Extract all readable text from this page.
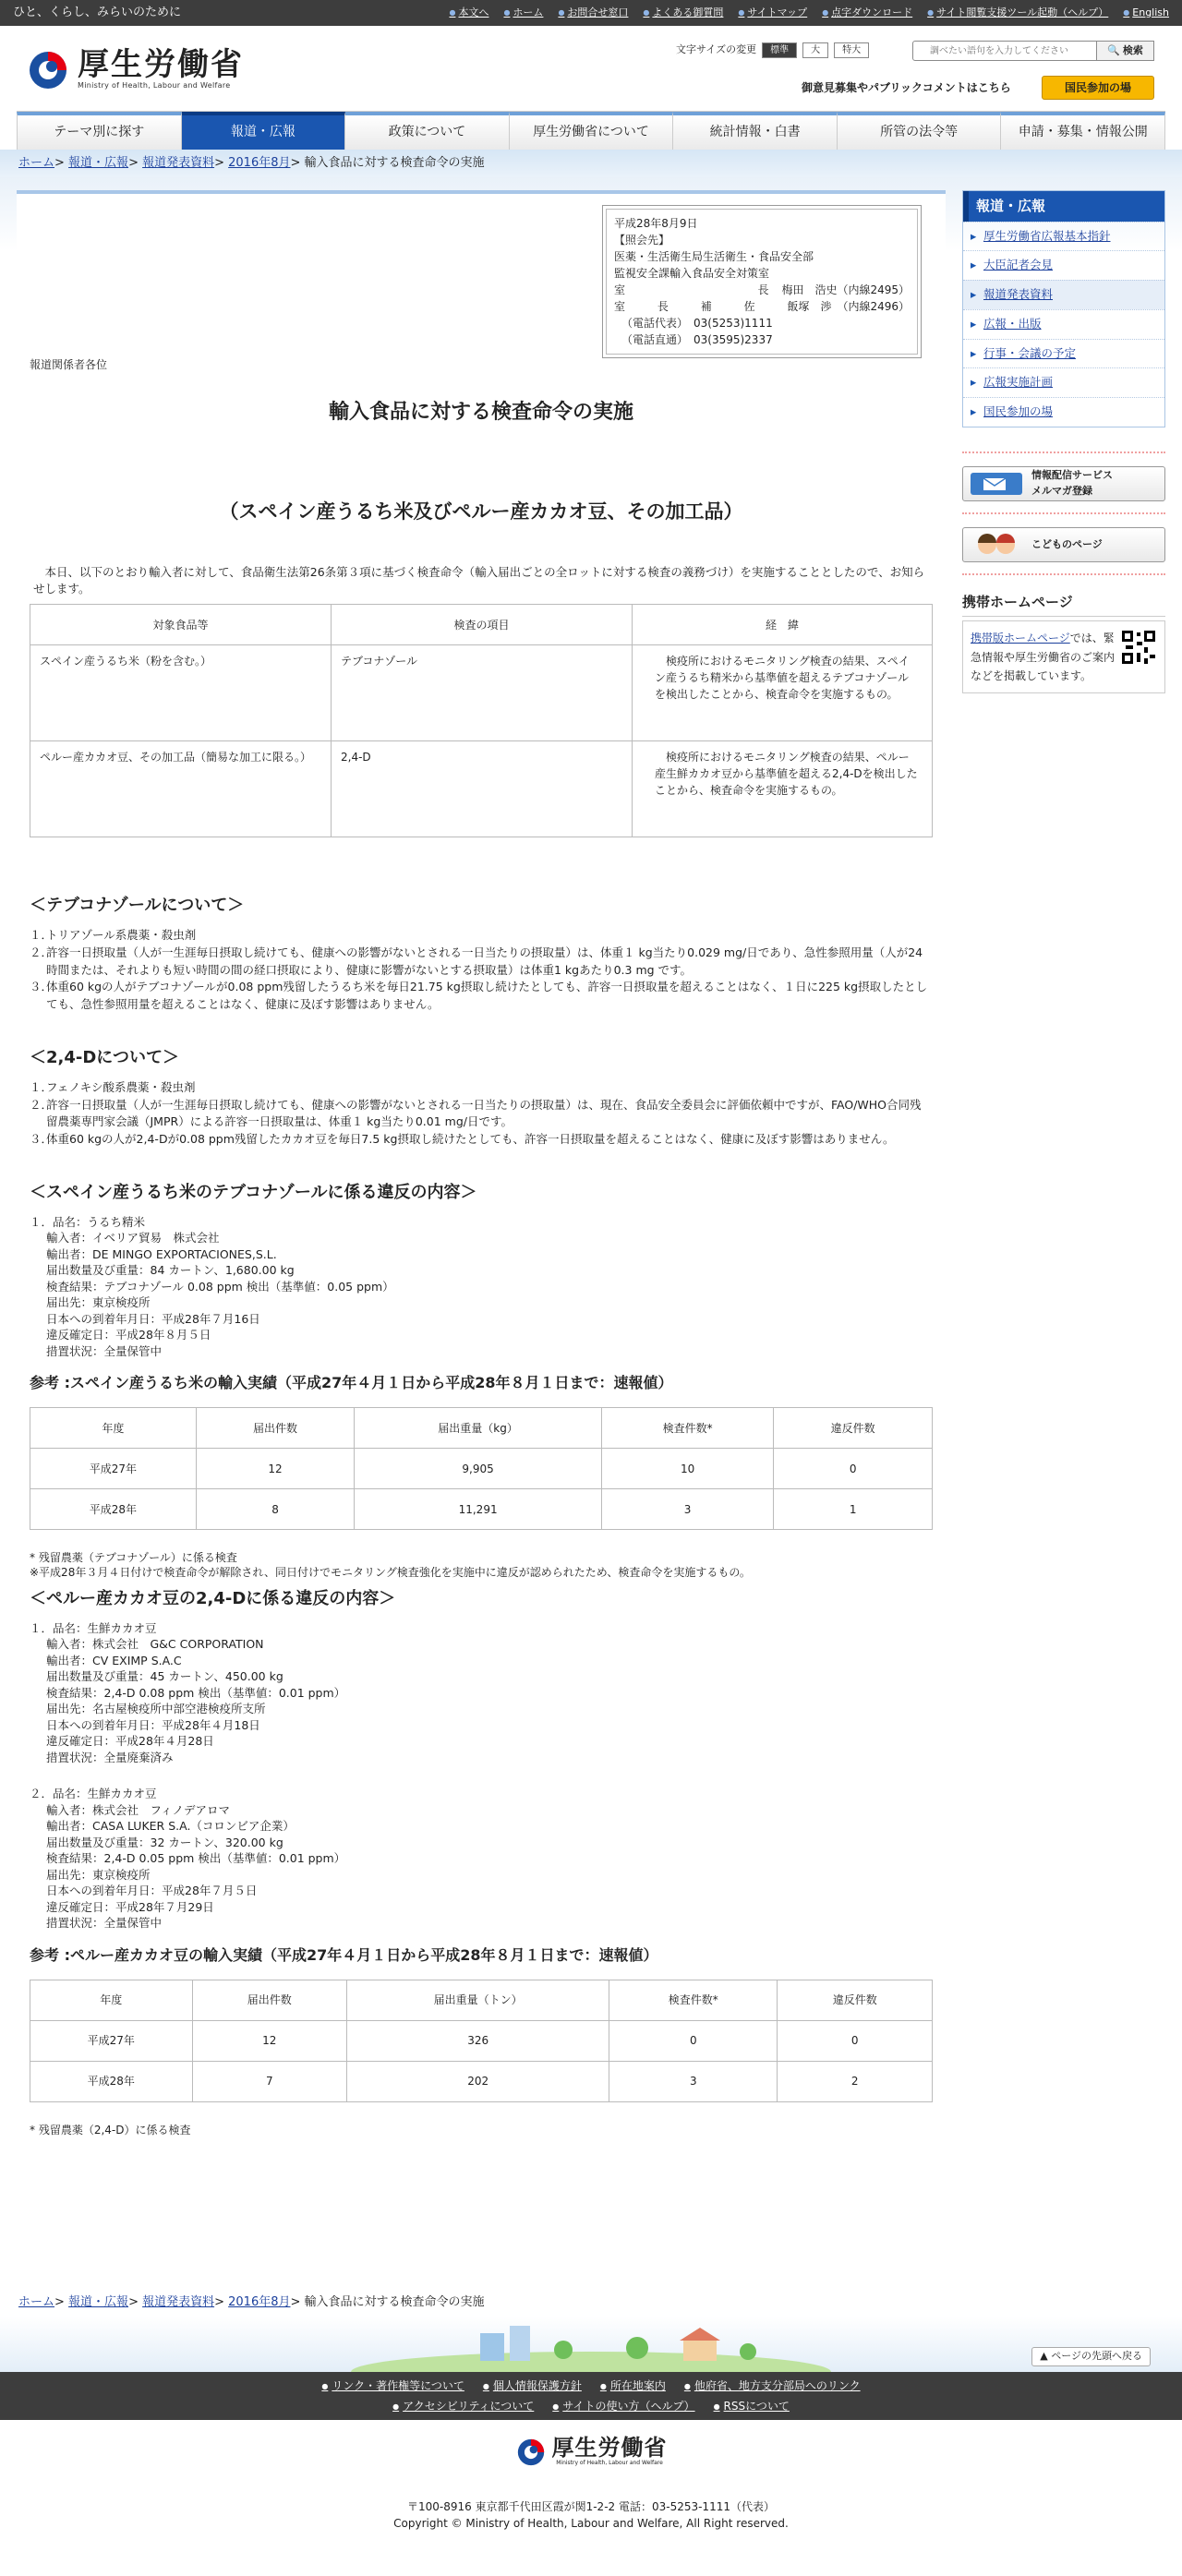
ひと、くらし、みらいのために	● 本文へ	● ホーム	● お問合せ窓口	● よくある御質問	● サイトマップ	● 点字ダウンロード	● サイト閲覧支援ツール起動（ヘルプ）	● English
厚生労働省
Ministry of Health, Labour and Welfare
文字サイズの変更	標準	大	特大
調べたい語句を入力してください	🔍 検索
御意見募集やパブリックコメントはこちら	国民参加の場
テーマ別に探す	報道・広報	政策について	厚生労働省について	統計情報・白書	所管の法令等	申請・募集・情報公開
ホーム> 報道・広報> 報道発表資料> 2016年8月> 輸入食品に対する検査命令の実施
平成28年8月9日
【照会先】
医薬・生活衛生局生活衛生・食品安全部
監視安全課輸入食品安全対策室
室	長 梅田　浩史（内線2495）
室	長	補	佐	飯塚　渉　（内線2496）
（電話代表）　03(5253)1111
（電話直通）　03(3595)2337
報道関係者各位
輸入食品に対する検査命令の実施
（スペイン産うるち米及びペルー産カカオ豆、その加工品）

　本日、以下のとおり輸入者に対して、食品衛生法第26条第３項に基づく検査命令（輸入届出ごとの全ロットに対する検査の義務づけ）を実施することとしたので、お知らせします。

対象食品等	検査の項目	経　緯
スペイン産うるち米（粉を含む。）	テブコナゾール	　検疫所におけるモニタリング検査の結果、スペイン産うるち精米から基準値を超えるテブコナゾールを検出したことから、検査命令を実施するもの。
ペルー産カカオ豆、その加工品（簡易な加工に限る。）	2,4-D	　検疫所におけるモニタリング検査の結果、ペルー産生鮮カカオ豆から基準値を超える2,4-Dを検出したことから、検査命令を実施するもの。
＜テブコナゾールについて＞
１．
トリアゾール系農薬・殺虫剤
２．
許容一日摂取量（人が一生涯毎日摂取し続けても、健康への影響がないとされる一日当たりの摂取量）は、体重１ kg当たり0.029 mg/日であり、急性参照用量（人が24時間または、それよりも短い時間の間の経口摂取により、健康に影響がないとする摂取量）は体重1 kgあたり0.3 mg です。
３．
体重60 kgの人がテブコナゾールが0.08 ppm残留したうるち米を毎日21.75 kg摂取し続けたとしても、許容一日摂取量を超えることはなく、１日に225 kg摂取したとしても、急性参照用量を超えることはなく、健康に及ぼす影響はありません。
＜2,4-Dについて＞
１．
フェノキシ酸系農薬・殺虫剤
２．
許容一日摂取量（人が一生涯毎日摂取し続けても、健康への影響がないとされる一日当たりの摂取量）は、現在、食品安全委員会に評価依頼中ですが、FAO/WHO合同残留農薬専門家会議（JMPR）による許容一日摂取量は、体重１ kg当たり0.01 mg/日です。
３．
体重60 kgの人が2,4-Dが0.08 ppm残留したカカオ豆を毎日7.5 kg摂取し続けたとしても、許容一日摂取量を超えることはなく、健康に及ぼす影響はありません。
＜スペイン産うるち米のテブコナゾールに係る違反の内容＞
１．品名：うるち精米
輸入者：イベリア貿易　株式会社
輸出者：DE MINGO EXPORTACIONES,S.L.
届出数量及び重量：84 カートン、1,680.00 kg
検査結果：テブコナゾール 0.08 ppm 検出（基準値：0.05 ppm）
届出先：東京検疫所
日本への到着年月日：平成28年７月16日
違反確定日：平成28年８月５日
措置状況：全量保管中
参考 :スペイン産うるち米の輸入実績（平成27年４月１日から平成28年８月１日まで：速報値）
年度	届出件数	届出重量（kg）	検査件数*	違反件数
平成27年	12	9,905	10	0
平成28年	8	11,291	3	1
* 残留農薬（テブコナゾール）に係る検査
※平成28年３月４日付けで検査命令が解除され、同日付けでモニタリング検査強化を実施中に違反が認められたため、検査命令を実施するもの。
＜ペルー産カカオ豆の2,4-Dに係る違反の内容＞
１．品名：生鮮カカオ豆
輸入者：株式会社　G&C CORPORATION
輸出者：CV EXIMP S.A.C
届出数量及び重量：45 カートン、450.00 kg
検査結果：2,4-D 0.08 ppm 検出（基準値：0.01 ppm）
届出先：名古屋検疫所中部空港検疫所支所
日本への到着年月日：平成28年４月18日
違反確定日：平成28年４月28日
措置状況：全量廃棄済み
２．品名：生鮮カカオ豆
輸入者：株式会社　フィノデアロマ
輸出者：CASA LUKER S.A.（コロンビア企業）
届出数量及び重量：32 カートン、320.00 kg
検査結果：2,4-D 0.05 ppm 検出（基準値：0.01 ppm）
届出先：東京検疫所
日本への到着年月日：平成28年７月５日
違反確定日：平成28年７月29日
措置状況：全量保管中
参考 :ペルー産カカオ豆の輸入実績（平成27年４月１日から平成28年８月１日まで：速報値）
年度	届出件数	届出重量（トン）	検査件数*	違反件数
平成27年	12	326	0	0
平成28年	7	202	3	2
* 残留農薬（2,4-D）に係る検査
報道・広報
▸ 厚生労働省広報基本指針
▸ 大臣記者会見
▸ 報道発表資料
▸ 広報・出版
▸ 行事・会議の予定
▸ 広報実施計画
▸ 国民参加の場
情報配信サービス
メルマガ登録
こどものページ
携帯ホームページ
携帯版ホームページでは、緊急情報や厚生労働省のご案内などを掲載しています。
ホーム> 報道・広報> 報道発表資料> 2016年8月> 輸入食品に対する検査命令の実施
▲ ページの先頭へ戻る
● リンク・著作権等について	● 個人情報保護方針	● 所在地案内	● 他府省、地方支分部局へのリンク
● アクセシビリティについて	● サイトの使い方（ヘルプ）	● RSSについて
厚生労働省
Ministry of Health, Labour and Welfare
〒100-8916 東京都千代田区霞が関1-2-2 電話：03-5253-1111（代表）
Copyright © Ministry of Health, Labour and Welfare, All Right reserved.
